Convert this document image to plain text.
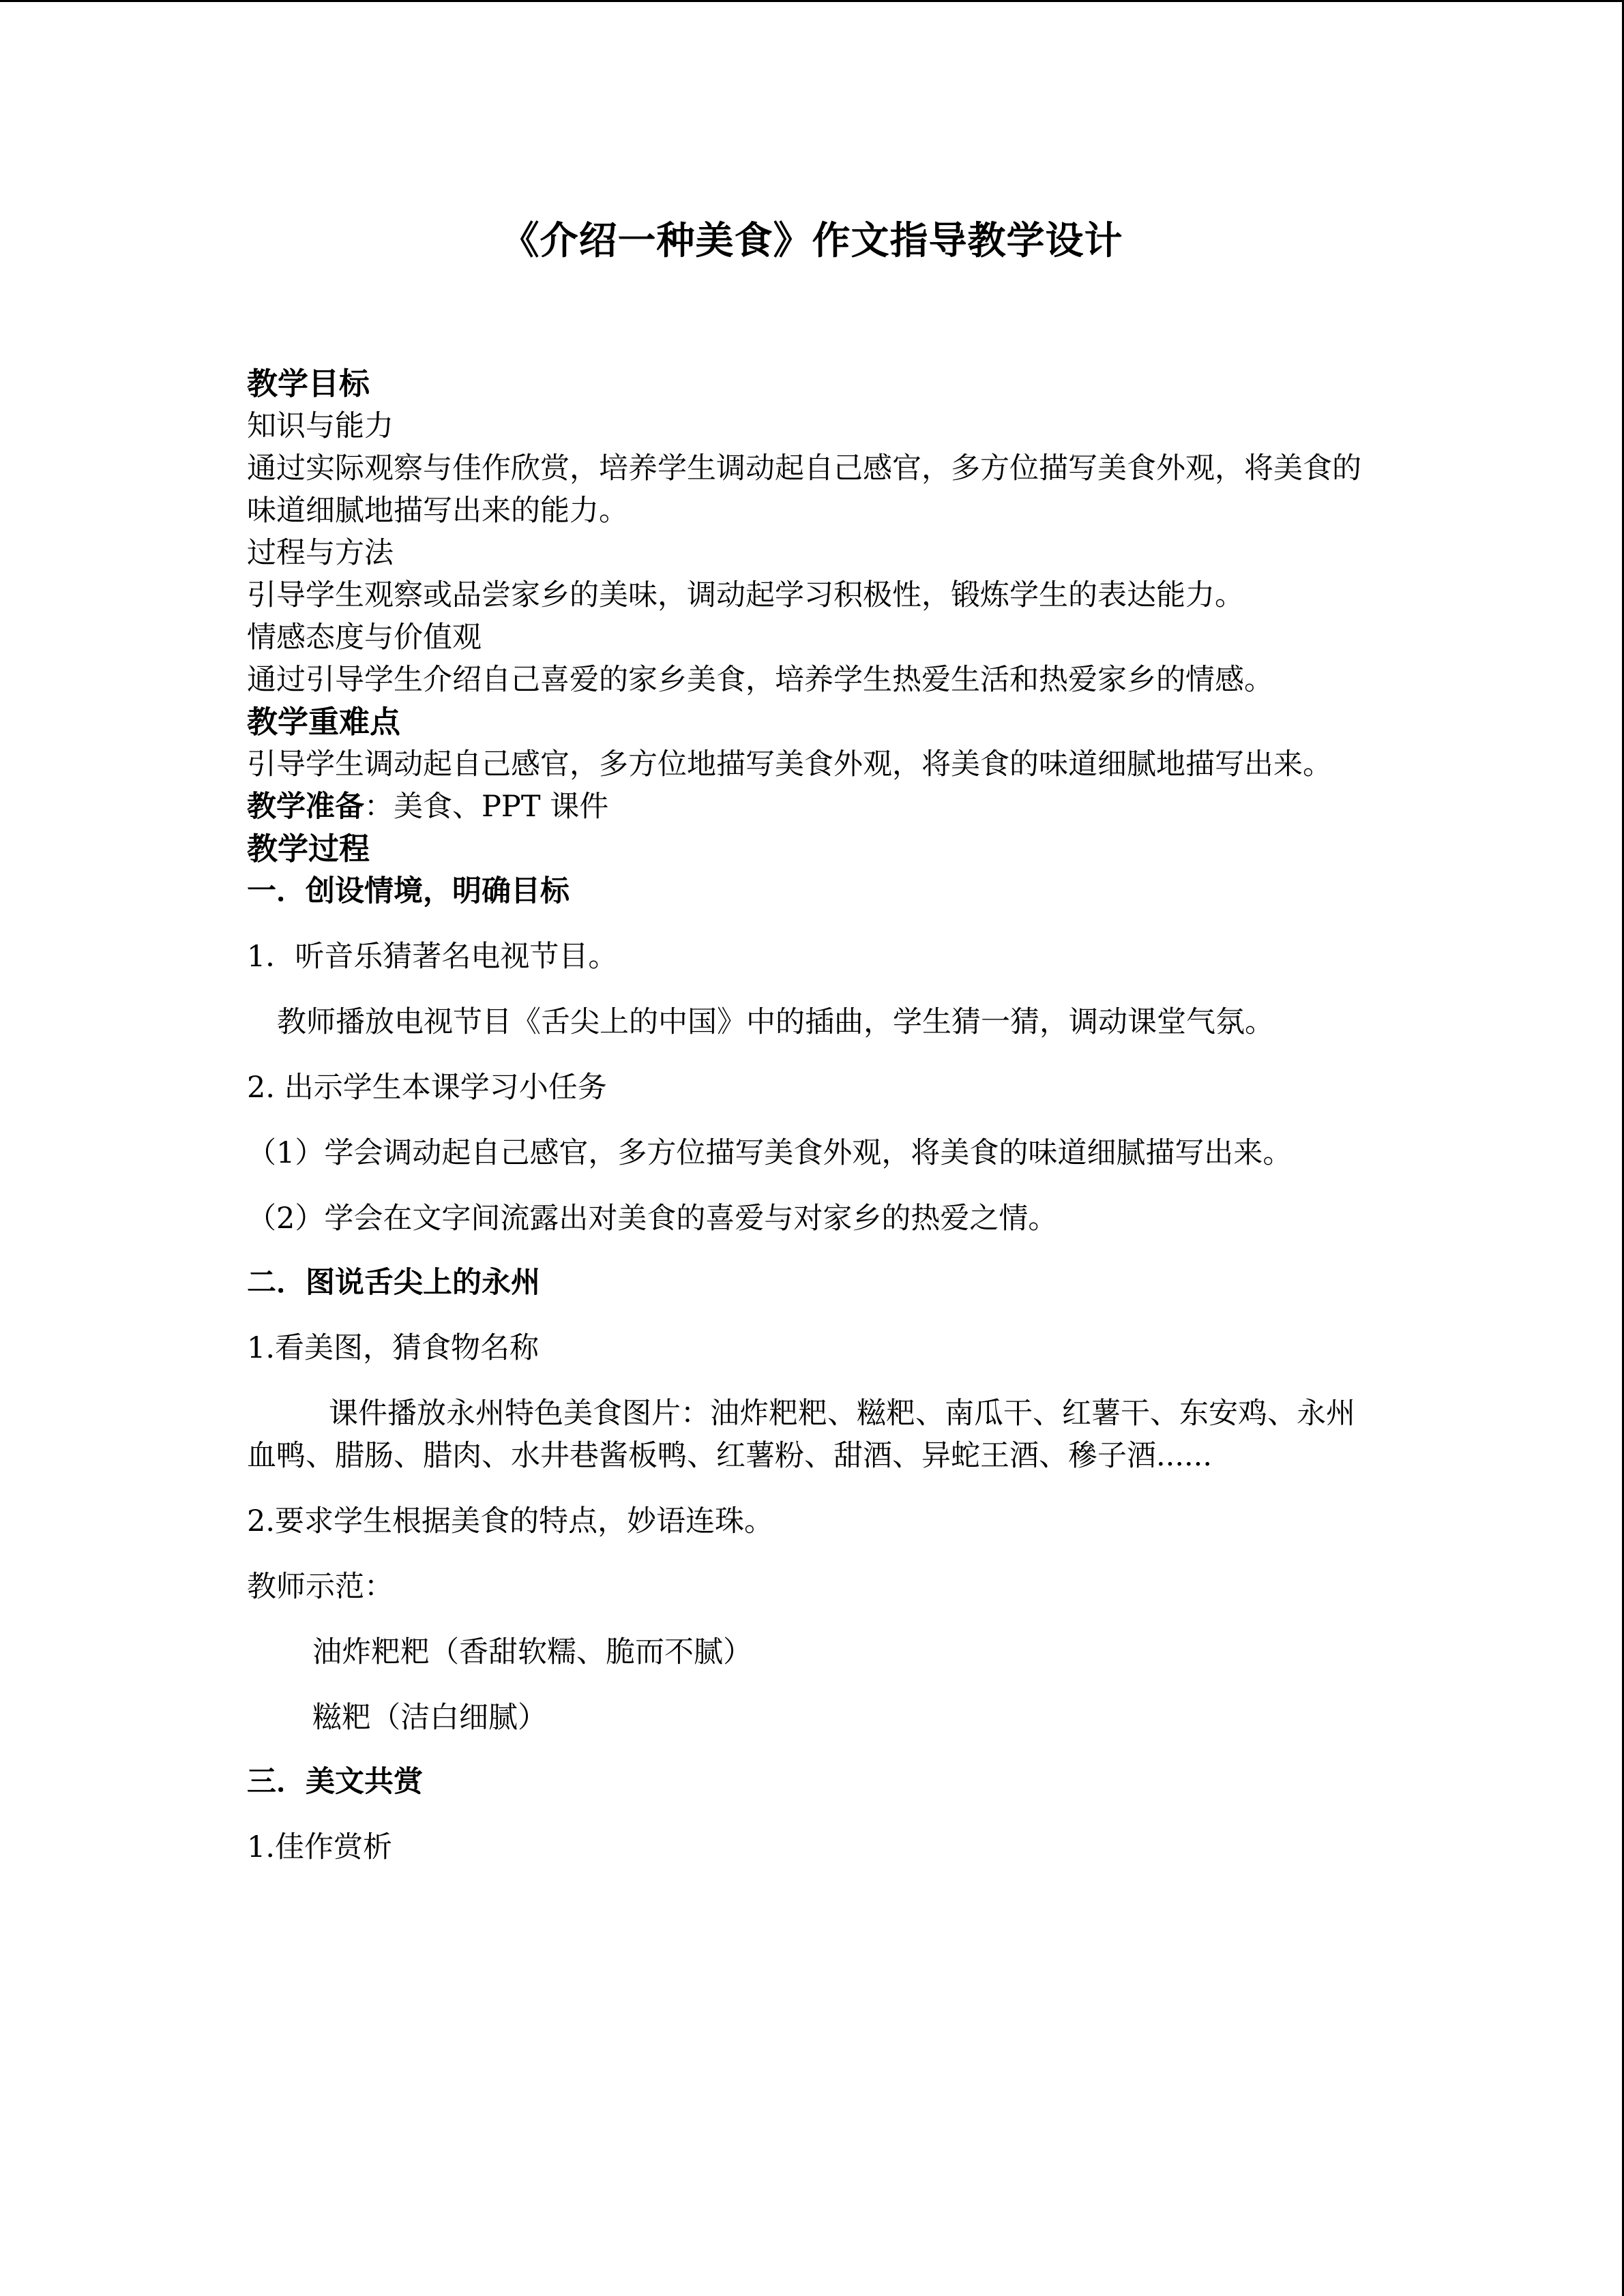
《介绍一种美食》作文指导教学设计

教学目标

知识与能力

通过实际观察与佳作欣赏，培养学生调动起自己感官，多方位描写美食外观，将美食的味道细腻地描写出来的能力。

过程与方法

引导学生观察或品尝家乡的美味，调动起学习积极性，锻炼学生的表达能力。

情感态度与价值观

通过引导学生介绍自己喜爱的家乡美食，培养学生热爱生活和热爱家乡的情感。

教学重难点

引导学生调动起自己感官，多方位地描写美食外观，将美食的味道细腻地描写出来。

教学准备：美食、PPT 课件

教学过程

一．创设情境，明确目标

1．听音乐猜著名电视节目。

教师播放电视节目《舌尖上的中国》中的插曲，学生猜一猜，调动课堂气氛。

2. 出示学生本课学习小任务

（1）学会调动起自己感官，多方位描写美食外观，将美食的味道细腻描写出来。

（2）学会在文字间流露出对美食的喜爱与对家乡的热爱之情。

二．图说舌尖上的永州

1.看美图，猜食物名称

课件播放永州特色美食图片：油炸粑粑、糍粑、南瓜干、红薯干、东安鸡、永州血鸭、腊肠、腊肉、水井巷酱板鸭、红薯粉、甜酒、异蛇王酒、穇子酒......

2.要求学生根据美食的特点，妙语连珠。

教师示范：

油炸粑粑（香甜软糯、脆而不腻）

糍粑（洁白细腻）

三．美文共赏

1.佳作赏析
